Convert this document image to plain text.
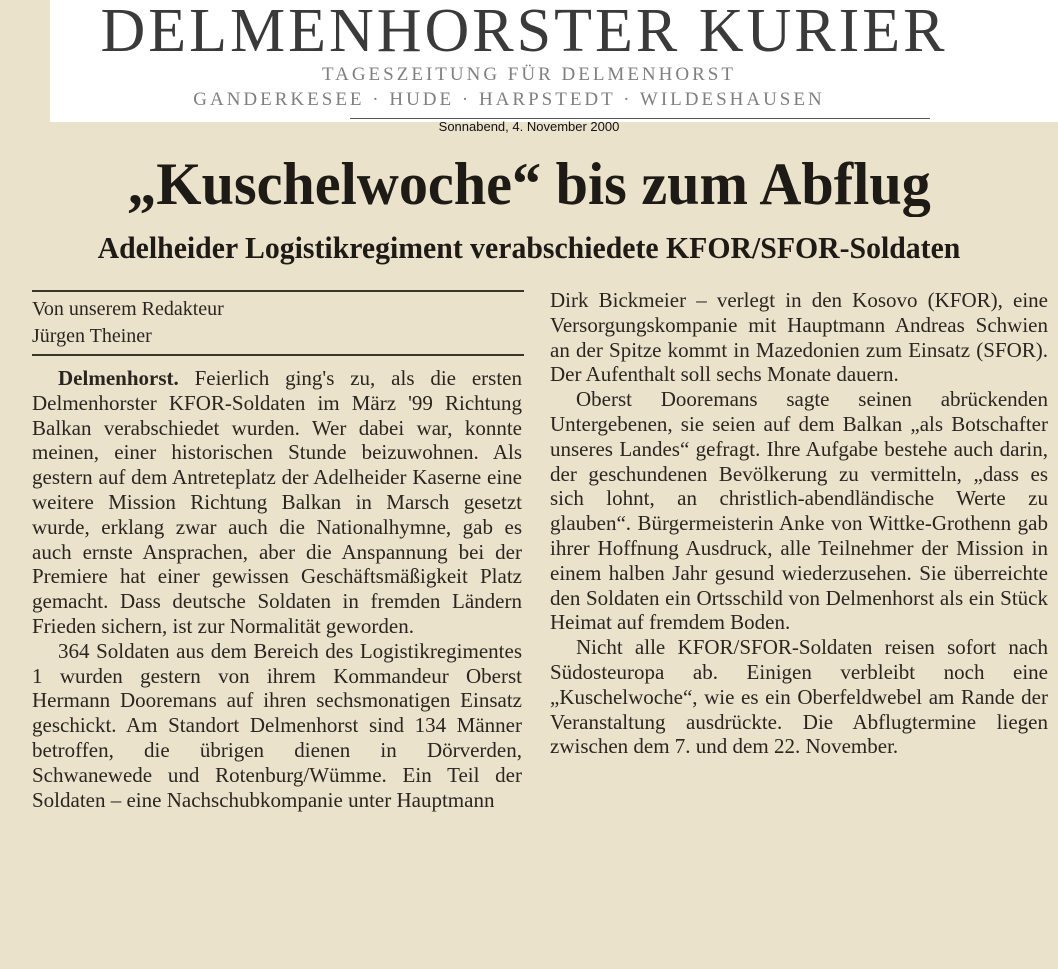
DELMENHORSTER KURIER
TAGESZEITUNG FÜR DELMENHORST
GANDERKESEE · HUDE · HARPSTEDT · WILDESHAUSEN
Sonnabend, 4. November 2000
„Kuschelwoche“ bis zum Abflug
Adelheider Logistikregiment verabschiedete KFOR/SFOR-Soldaten
Von unserem Redakteur
Jürgen Theiner

Delmenhorst. Feierlich ging's zu, als die ersten Delmenhorster KFOR-Soldaten im März '99 Richtung Balkan verabschiedet wurden. Wer dabei war, konnte meinen, einer historischen Stunde beizuwohnen. Als gestern auf dem Antreteplatz der Adelheider Kaserne eine weitere Mission Richtung Balkan in Marsch gesetzt wurde, erklang zwar auch die Nationalhymne, gab es auch ernste Ansprachen, aber die Anspannung bei der Premiere hat einer gewissen Geschäftsmäßigkeit Platz gemacht. Dass deutsche Soldaten in fremden Ländern Frieden sichern, ist zur Normalität geworden.

364 Soldaten aus dem Bereich des Logistikregimentes 1 wurden gestern von ihrem Kommandeur Oberst Hermann Dooremans auf ihren sechsmonatigen Einsatz geschickt. Am Standort Delmenhorst sind 134 Männer betroffen, die übrigen dienen in Dörverden, Schwanewede und Rotenburg/Wümme. Ein Teil der Soldaten – eine Nachschubkompanie unter Hauptmann

Dirk Bickmeier – verlegt in den Kosovo (KFOR), eine Versorgungskompanie mit Hauptmann Andreas Schwien an der Spitze kommt in Mazedonien zum Einsatz (SFOR). Der Aufenthalt soll sechs Monate dauern.

Oberst Dooremans sagte seinen abrückenden Untergebenen, sie seien auf dem Balkan „als Botschafter unseres Landes“ gefragt. Ihre Aufgabe bestehe auch darin, der geschundenen Bevölkerung zu vermitteln, „dass es sich lohnt, an christlich-abendländische Werte zu glauben“. Bürgermeisterin Anke von Wittke-Grothenn gab ihrer Hoffnung Ausdruck, alle Teilnehmer der Mission in einem halben Jahr gesund wiederzusehen. Sie überreichte den Soldaten ein Ortsschild von Delmenhorst als ein Stück Heimat auf fremdem Boden.

Nicht alle KFOR/SFOR-Soldaten reisen sofort nach Südosteuropa ab. Einigen verbleibt noch eine „Kuschelwoche“, wie es ein Oberfeldwebel am Rande der Veranstaltung ausdrückte. Die Abflugtermine liegen zwischen dem 7. und dem 22. November.
